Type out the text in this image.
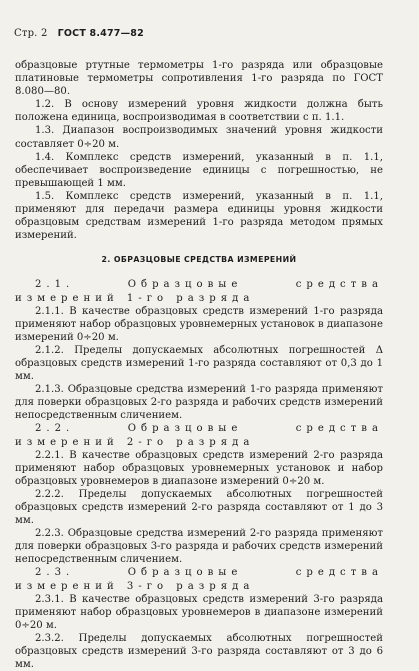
Стр. 2 ГОСТ 8.477—82

образцовые ртутные термометры 1-го разряда или образцовые платиновые термометры сопротивления 1-го разряда по ГОСТ 8.080—80.

1.2. В основу измерений уровня жидкости должна быть положена единица, воспроизводимая в соответствии с п. 1.1.

1.3. Диапазон воспроизводимых значений уровня жидкости составляет 0÷20 м.

1.4. Комплекс средств измерений, указанный в п. 1.1, обеспечивает воспроизведение единицы с погрешностью, не превышающей 1 мм.

1.5. Комплекс средств измерений, указанный в п. 1.1, применяют для передачи размера единицы уровня жидкости образцовым средствам измерений 1-го разряда методом прямых измерений.

2. ОБРАЗЦОВЫЕ СРЕДСТВА ИЗМЕРЕНИЙ

2.1. Образцовые средства измерений 1-го разряда

2.1.1. В качестве образцовых средств измерений 1-го разряда применяют набор образцовых уровнемерных установок в диапазоне измерений 0÷20 м.

2.1.2. Пределы допускаемых абсолютных погрешностей Δ образцовых средств измерений 1-го разряда составляют от 0,3 до 1 мм.

2.1.3. Образцовые средства измерений 1-го разряда применяют для поверки образцовых 2-го разряда и рабочих средств измерений непосредственным сличением.

2.2. Образцовые средства измерений 2-го разряда

2.2.1. В качестве образцовых средств измерений 2-го разряда применяют набор образцовых уровнемерных установок и набор образцовых уровнемеров в диапазоне измерений 0÷20 м.

2.2.2. Пределы допускаемых абсолютных погрешностей образцовых средств измерений 2-го разряда составляют от 1 до 3 мм.

2.2.3. Образцовые средства измерений 2-го разряда применяют для поверки образцовых 3-го разряда и рабочих средств измерений непосредственным сличением.

2.3. Образцовые средства измерений 3-го разряда

2.3.1. В качестве образцовых средств измерений 3-го разряда применяют набор образцовых уровнемеров в диапазоне измерений 0÷20 м.

2.3.2. Пределы допускаемых абсолютных погрешностей образцовых средств измерений 3-го разряда составляют от 3 до 6 мм.
